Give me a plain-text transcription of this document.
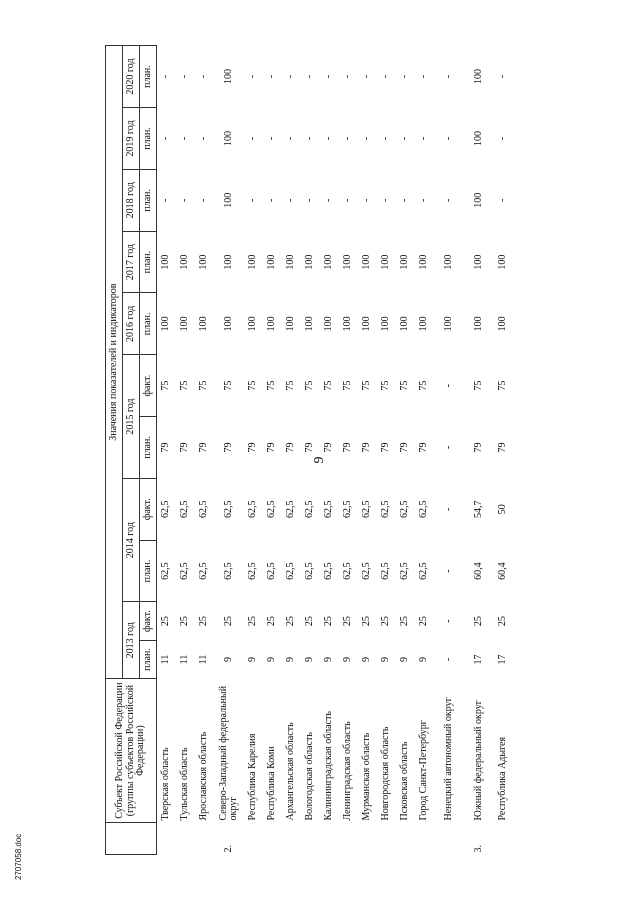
9
2707058.doc
	Субъект Российской Федерации (группы субъектов Российской Федерации)	Значения показателей и индикаторов										
		2013 год		2014 год		2015 год		2016 год	2017 год	2018 год	2019 год	2020 год
		план.	факт.	план.	факт.	план.	факт.	план.	план.	план.	план.	план.
	Тверская область	11	25	62,5	62,5	79	75	100	100	-	-	-
	Тульская область	11	25	62,5	62,5	79	75	100	100	-	-	-
	Ярославская область	11	25	62,5	62,5	79	75	100	100	-	-	-
2.	Северо-Западный федеральный округ	9	25	62,5	62,5	79	75	100	100	100	100	100
	Республика Карелия	9	25	62,5	62,5	79	75	100	100	-	-	-
	Республика Коми	9	25	62,5	62,5	79	75	100	100	-	-	-
	Архангельская область	9	25	62,5	62,5	79	75	100	100	-	-	-
	Вологодская область	9	25	62,5	62,5	79	75	100	100	-	-	-
	Калининградская область	9	25	62,5	62,5	79	75	100	100	-	-	-
	Ленинградская область	9	25	62,5	62,5	79	75	100	100	-	-	-
	Мурманская область	9	25	62,5	62,5	79	75	100	100	-	-	-
	Новгородская область	9	25	62,5	62,5	79	75	100	100	-	-	-
	Псковская область	9	25	62,5	62,5	79	75	100	100	-	-	-
	Город Санкт-Петербург	9	25	62,5	62,5	79	75	100	100	-	-	-
	Ненецкий автономный округ	-	-	-	-	-	-	100	100	-	-	-
3.	Южный федеральный округ	17	25	60,4	54,7	79	75	100	100	100	100	100
	Республика Адыгея	17	25	60,4	50	79	75	100	100	-	-	-
